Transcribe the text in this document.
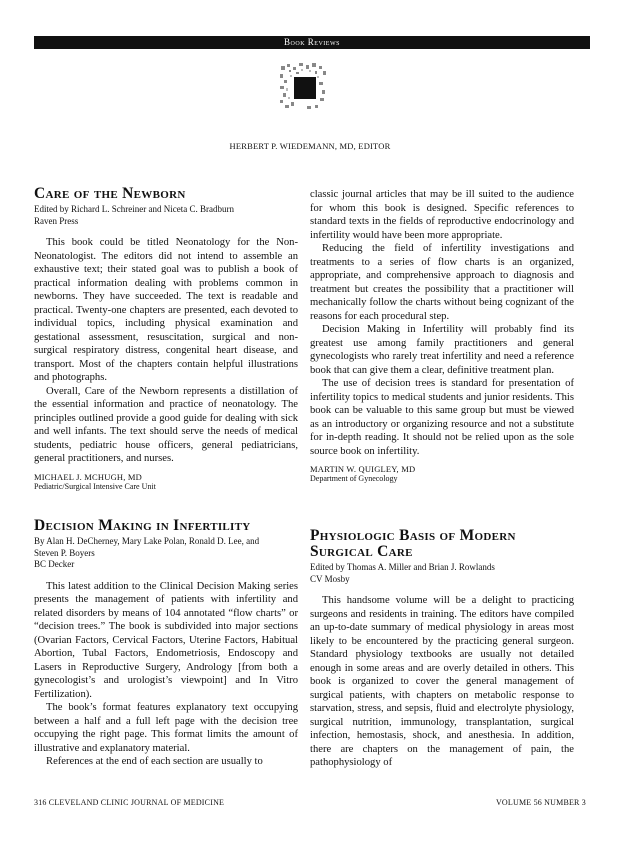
Book Reviews
HERBERT P. WIEDEMANN, MD, EDITOR
Care of the Newborn

Edited by Richard L. Schreiner and Niceta C. Bradburn

Raven Press

This book could be titled Neonatology for the Non-Neonatologist. The editors did not intend to assemble an exhaustive text; their stated goal was to publish a book of practical information dealing with problems common in newborns. They have succeeded. The text is readable and practical. Twenty-one chapters are presented, each devoted to individual topics, including physical examination and gestational assessment, resuscitation, surgical and non-surgical respiratory distress, congenital heart disease, and transport. Most of the chapters contain helpful illustrations and photographs.

Overall, Care of the Newborn represents a distillation of the essential information and practice of neonatology. The principles outlined provide a good guide for dealing with sick and well infants. The text should serve the needs of medical students, pediatric house officers, general pediatricians, general practitioners, and nurses.

MICHAEL J. MCHUGH, MD

Pediatric/Surgical Intensive Care Unit

Decision Making in Infertility

By Alan H. DeCherney, Mary Lake Polan, Ronald D. Lee, and

Steven P. Boyers

BC Decker

This latest addition to the Clinical Decision Making series presents the management of patients with infertility and related disorders by means of 104 annotated “flow charts” or “decision trees.” The book is subdivided into major sections (Ovarian Factors, Cervical Factors, Uterine Factors, Habitual Abortion, Tubal Factors, Endometriosis, Endoscopy and Lasers in Reproductive Surgery, Andrology [from both a gynecologist’s and urologist’s viewpoint] and In Vitro Fertilization).

The book’s format features explanatory text occupying between a half and a full left page with the decision tree occupying the right page. This format limits the amount of illustrative and explanatory material.

References at the end of each section are usually to

classic journal articles that may be ill suited to the audience for whom this book is designed. Specific references to standard texts in the fields of reproductive endocrinology and infertility would have been more appropriate.

Reducing the field of infertility investigations and treatments to a series of flow charts is an organized, appropriate, and comprehensive approach to diagnosis and treatment but creates the possibility that a practitioner will mechanically follow the charts without being cognizant of the reasons for each procedural step.

Decision Making in Infertility will probably find its greatest use among family practitioners and general gynecologists who rarely treat infertility and need a reference book that can give them a clear, definitive treatment plan.

The use of decision trees is standard for presentation of infertility topics to medical students and junior residents. This book can be valuable to this same group but must be viewed as an introductory or organizing resource and not a substitute for in-depth reading. It should not be relied upon as the sole source book on infertility.

MARTIN W. QUIGLEY, MD

Department of Gynecology

Physiologic Basis of Modern Surgical Care

Edited by Thomas A. Miller and Brian J. Rowlands

CV Mosby

This handsome volume will be a delight to practicing surgeons and residents in training. The editors have compiled an up-to-date summary of medical physiology in areas most likely to be encountered by the practicing general surgeon. Standard physiology textbooks are usually not detailed enough in some areas and are overly detailed in others. This book is organized to cover the general management of surgical patients, with chapters on metabolic response to starvation, stress, and sepsis, fluid and electrolyte physiology, surgical nutrition, immunology, transplantation, surgical infection, hemostasis, shock, and anesthesia. In addition, there are chapters on the management of pain, the pathophysiology of

316 CLEVELAND CLINIC JOURNAL OF MEDICINE	VOLUME 56 NUMBER 3
